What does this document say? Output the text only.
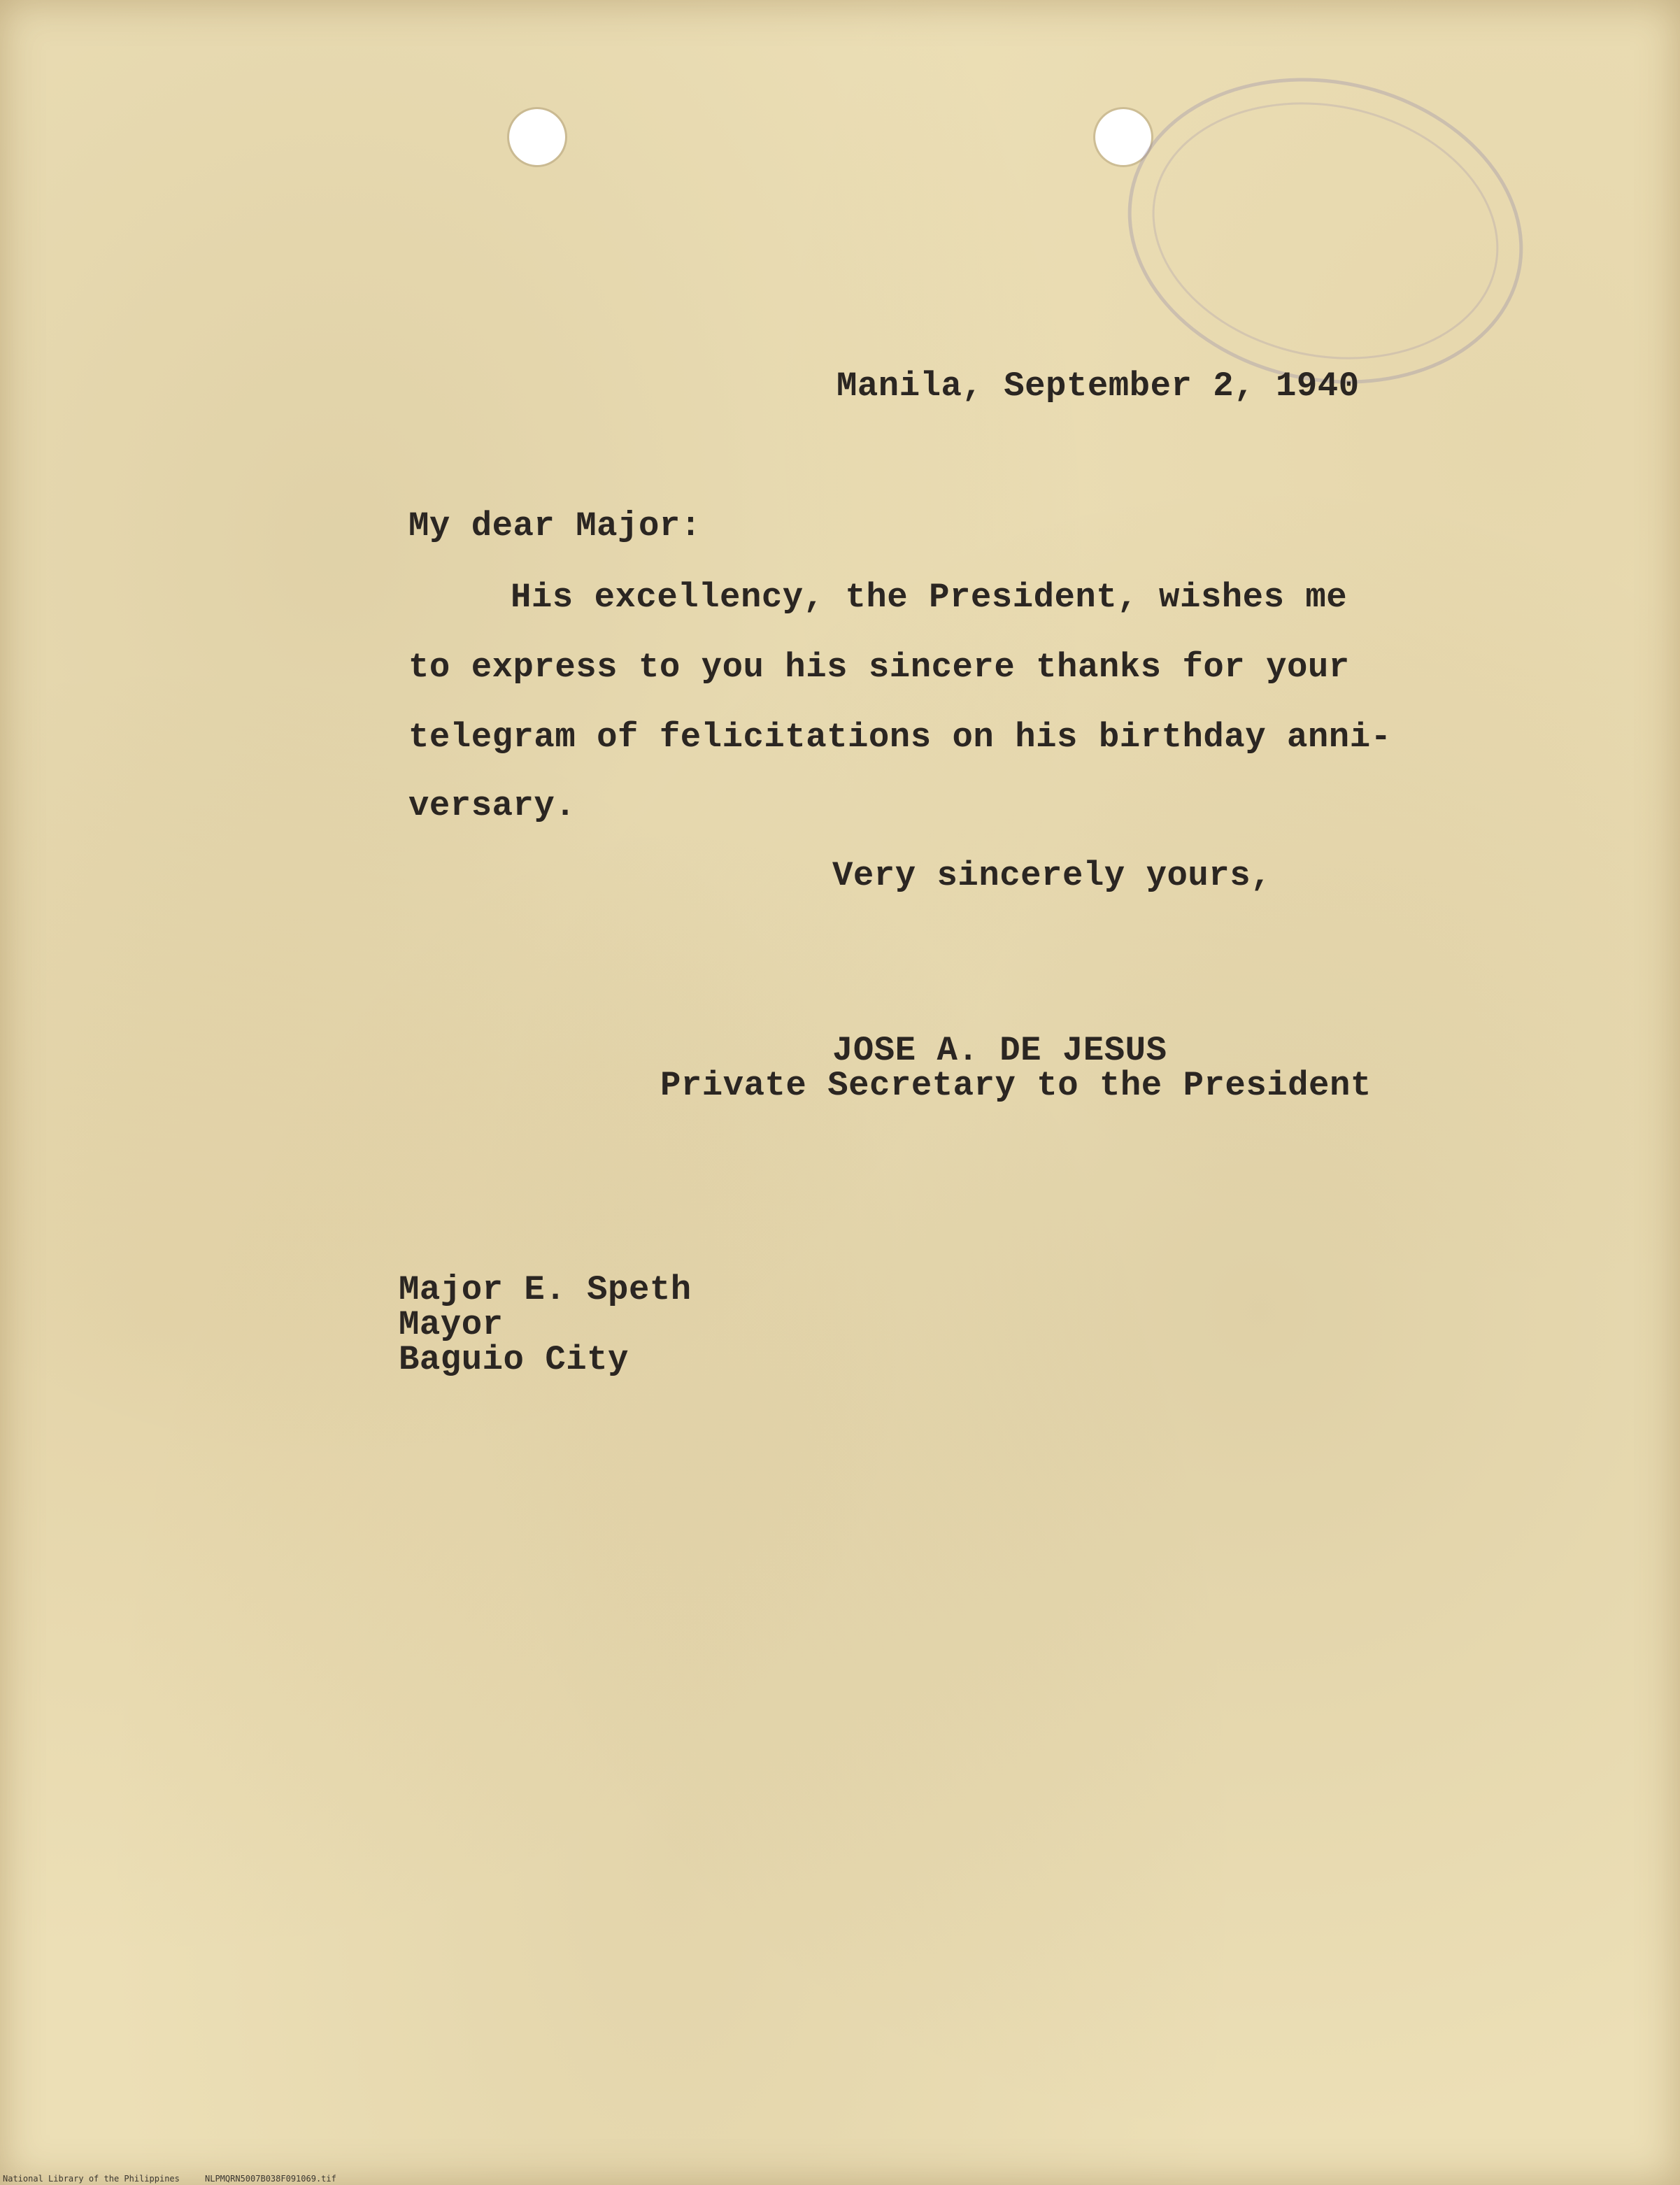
Manila, September 2, 1940
My dear Major:
His excellency, the President, wishes me
to express to you his sincere thanks for your
telegram of felicitations on his birthday anni-
versary.
Very sincerely yours,
JOSE A. DE JESUS
Private Secretary to the President
Major E. Speth
Mayor
Baguio City
National Library of the Philippines	NLPMQRN5007B038F091069.tif
